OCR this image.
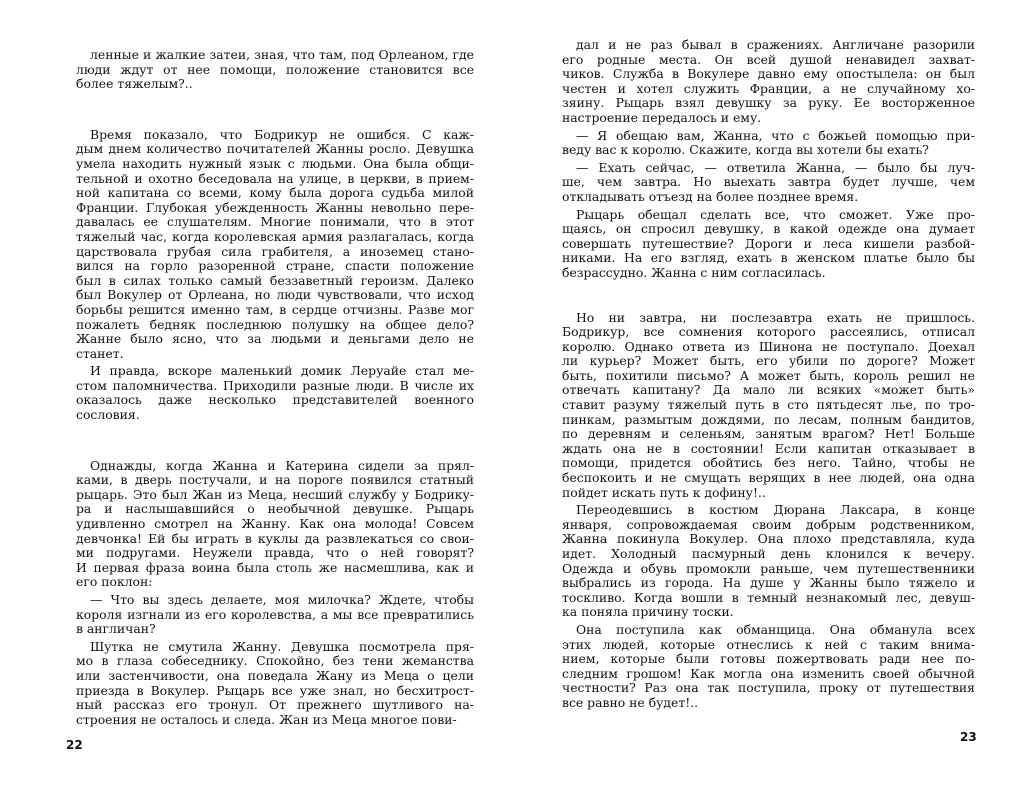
ленные и жалкие затеи, зная, что там, под Орлеаном, где

люди ждут от нее помощи, положение становится все

более тяжелым?..

Время показало, что Бодрикур не ошибся. С каж-

дым днем количество почитателей Жанны росло. Девушка

умела находить нужный язык с людьми. Она была общи-

тельной и охотно беседовала на улице, в церкви, в прием-

ной капитана со всеми, кому была дорога судьба милой

Франции. Глубокая убежденность Жанны невольно пере-

давалась ее слушателям. Многие понимали, что в этот

тяжелый час, когда королевская армия разлагалась, когда

царствовала грубая сила грабителя, а иноземец стано-

вился на горло разоренной стране, спасти положение

был в силах только самый беззаветный героизм. Далеко

был Вокулер от Орлеана, но люди чувствовали, что исход

борьбы решится именно там, в сердце отчизны. Разве мог

пожалеть бедняк последнюю полушку на общее дело?

Жанне было ясно, что за людьми и деньгами дело не

станет.

И правда, вскоре маленький домик Леруайе стал ме-

стом паломничества. Приходили разные люди. В числе их

оказалось даже несколько представителей военного

сословия.

Однажды, когда Жанна и Катерина сидели за прял-

ками, в дверь постучали, и на пороге появился статный

рыцарь. Это был Жан из Меца, несший службу у Бодрику-

ра и наслышавшийся о необычной девушке. Рыцарь

удивленно смотрел на Жанну. Как она молода! Совсем

девчонка! Ей бы играть в куклы да развлекаться со свои-

ми подругами. Неужели правда, что о ней говорят?

И первая фраза воина была столь же насмешлива, как и

его поклон:

— Что вы здесь делаете, моя милочка? Ждете, чтобы

короля изгнали из его королевства, а мы все превратились

в англичан?

Шутка не смутила Жанну. Девушка посмотрела пря-

мо в глаза собеседнику. Спокойно, без тени жеманства

или застенчивости, она поведала Жану из Меца о цели

приезда в Вокулер. Рыцарь все уже знал, но бесхитрост-

ный рассказ его тронул. От прежнего шутливого на-

строения не осталось и следа. Жан из Меца многое пови-

22

дал и не раз бывал в сражениях. Англичане разорили

его родные места. Он всей душой ненавидел захват-

чиков. Служба в Вокулере давно ему опостылела: он был

честен и хотел служить Франции, а не случайному хо-

зяину. Рыцарь взял девушку за руку. Ее восторженное

настроение передалось и ему.

— Я обещаю вам, Жанна, что с божьей помощью при-

веду вас к королю. Скажите, когда вы хотели бы ехать?

— Ехать сейчас, — ответила Жанна, — было бы луч-

ше, чем завтра. Но выехать завтра будет лучше, чем

откладывать отъезд на более позднее время.

Рыцарь обещал сделать все, что сможет. Уже про-

щаясь, он спросил девушку, в какой одежде она думает

совершать путешествие? Дороги и леса кишели разбой-

никами. На его взгляд, ехать в женском платье было бы

безрассудно. Жанна с ним согласилась.

Но ни завтра, ни послезавтра ехать не пришлось.

Бодрикур, все сомнения которого рассеялись, отписал

королю. Однако ответа из Шинона не поступало. Доехал

ли курьер? Может быть, его убили по дороге? Может

быть, похитили письмо? А может быть, король решил не

отвечать капитану? Да мало ли всяких «может быть»

ставит разуму тяжелый путь в сто пятьдесят лье, по тро-

пинкам, размытым дождями, по лесам, полным бандитов,

по деревням и селеньям, занятым врагом? Нет! Больше

ждать она не в состоянии! Если капитан отказывает в

помощи, придется обойтись без него. Тайно, чтобы не

беспокоить и не смущать верящих в нее людей, она одна

пойдет искать путь к дофину!..

Переодевшись в костюм Дюрана Лаксара, в конце

января, сопровождаемая своим добрым родственником,

Жанна покинула Вокулер. Она плохо представляла, куда

идет. Холодный пасмурный день клонился к вечеру.

Одежда и обувь промокли раньше, чем путешественники

выбрались из города. На душе у Жанны было тяжело и

тоскливо. Когда вошли в темный незнакомый лес, девуш-

ка поняла причину тоски.

Она поступила как обманщица. Она обманула всех

этих людей, которые отнеслись к ней с таким внима-

нием, которые были готовы пожертвовать ради нее по-

следним грошом! Как могла она изменить своей обычной

честности? Раз она так поступила, проку от путешествия

все равно не будет!..

23
